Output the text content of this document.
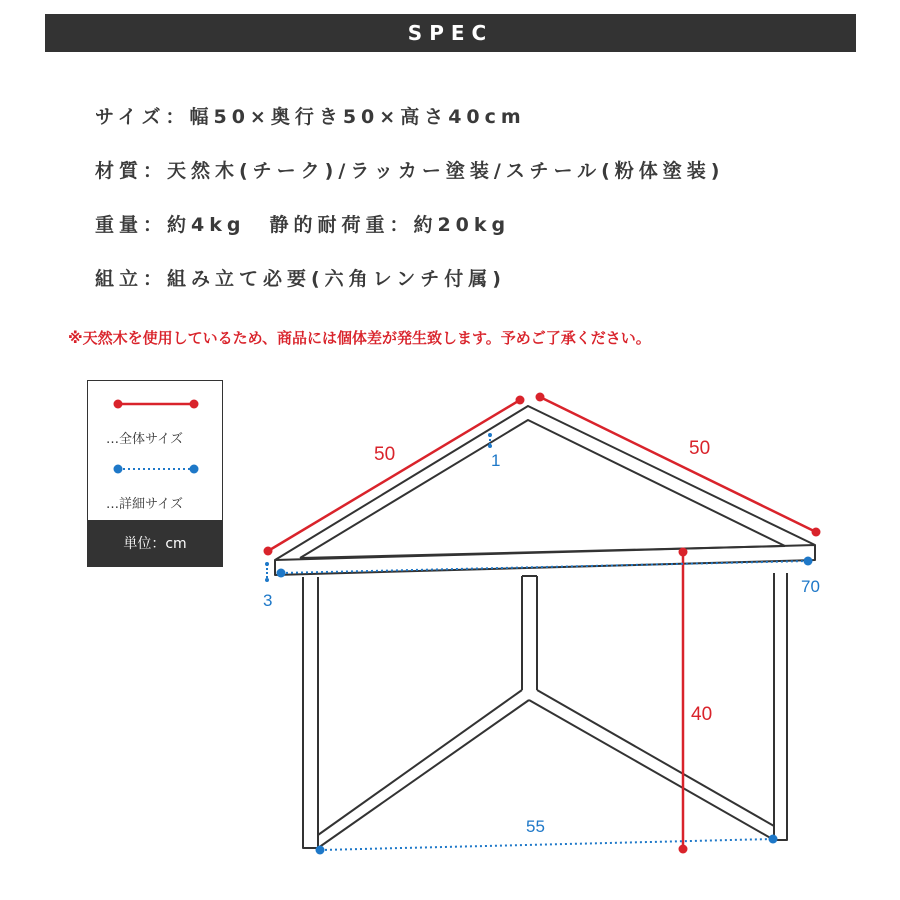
SPEC
サイズ：幅50×奥行き50×高さ40cm
材質：天然木(チーク)/ラッカー塗装/スチール(粉体塗装)
重量：約4kg　静的耐荷重：約20kg
組立：組み立て必要(六角レンチ付属)
※天然木を使用しているため、商品には個体差が発生致します。予めご了承ください。
…全体サイズ
…詳細サイズ
単位：cm
50	50
40
1
3
70
55
